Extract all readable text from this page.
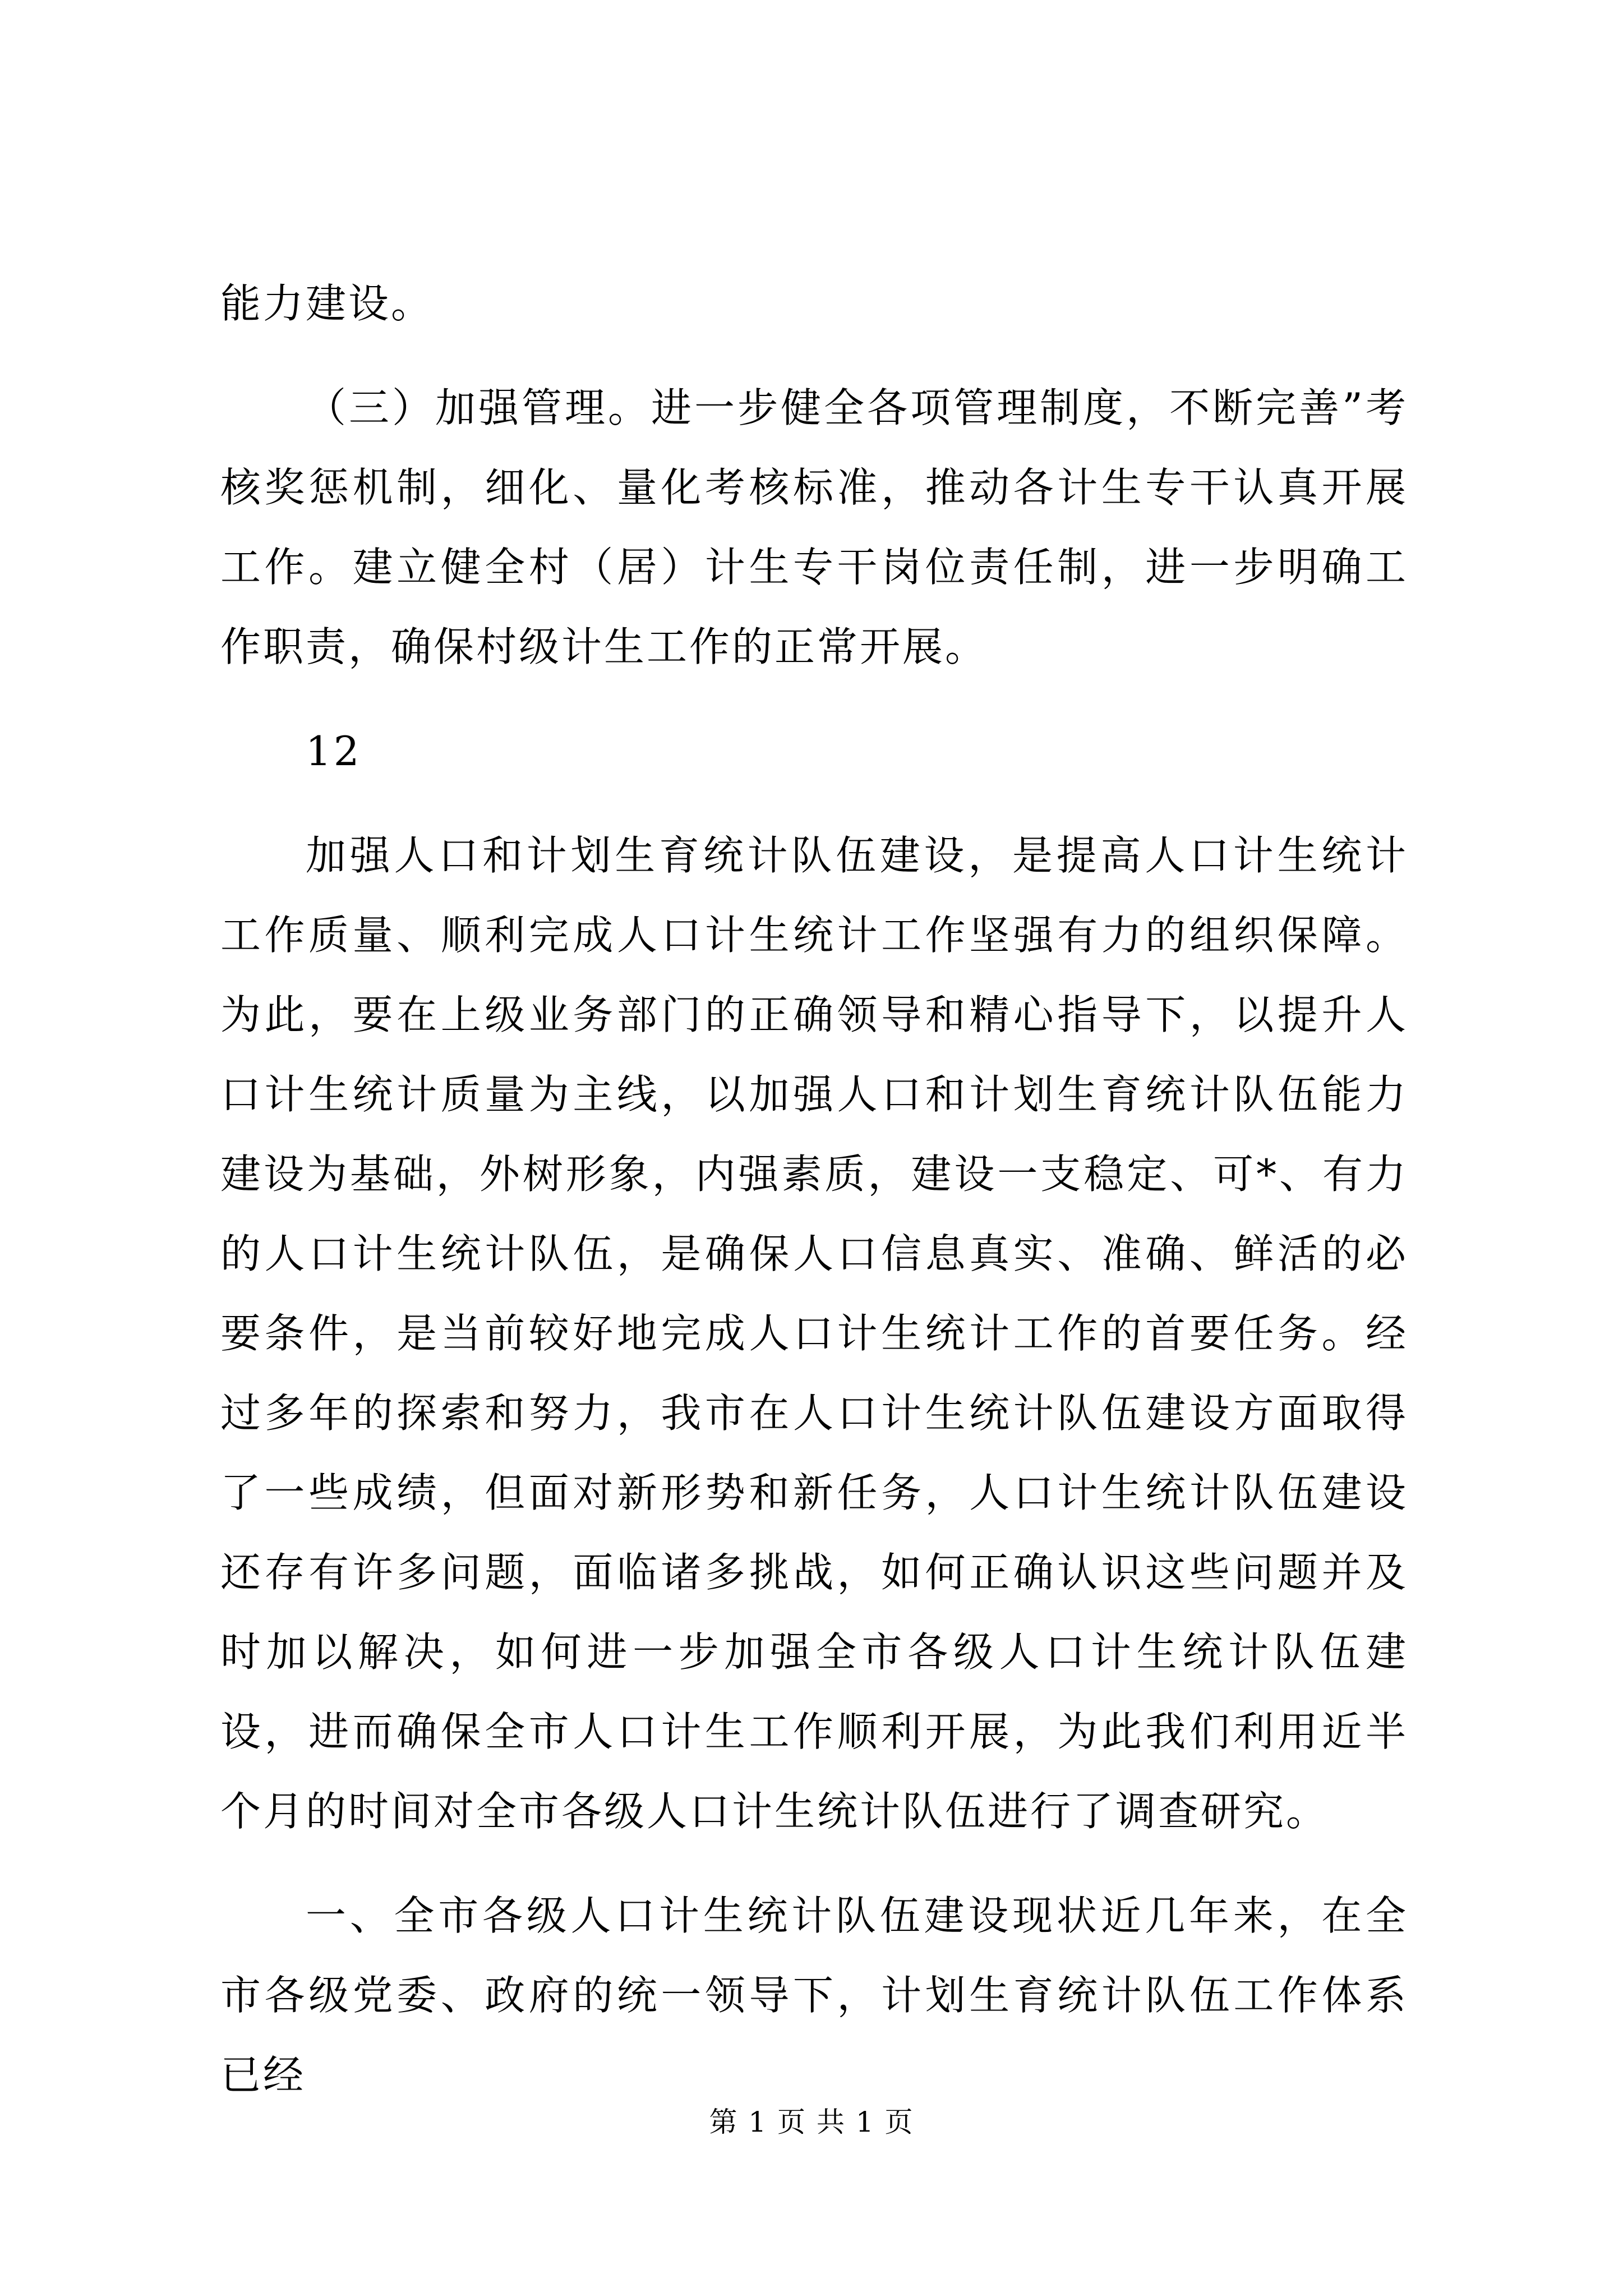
能力建设。

（三）加强管理。进一步健全各项管理制度，不断完善”考核奖惩机制，细化、量化考核标准，推动各计生专干认真开展工作。建立健全村（居）计生专干岗位责任制，进一步明确工作职责，确保村级计生工作的正常开展。

12

加强人口和计划生育统计队伍建设，是提高人口计生统计工作质量、顺利完成人口计生统计工作坚强有力的组织保障。为此，要在上级业务部门的正确领导和精心指导下，以提升人口计生统计质量为主线，以加强人口和计划生育统计队伍能力建设为基础，外树形象，内强素质，建设一支稳定、可*、有力的人口计生统计队伍，是确保人口信息真实、准确、鲜活的必要条件，是当前较好地完成人口计生统计工作的首要任务。经过多年的探索和努力，我市在人口计生统计队伍建设方面取得了一些成绩，但面对新形势和新任务，人口计生统计队伍建设还存有许多问题，面临诸多挑战，如何正确认识这些问题并及时加以解决，如何进一步加强全市各级人口计生统计队伍建设，进而确保全市人口计生工作顺利开展，为此我们利用近半个月的时间对全市各级人口计生统计队伍进行了调查研究。

一、全市各级人口计生统计队伍建设现状近几年来，在全市各级党委、政府的统一领导下，计划生育统计队伍工作体系已经

第 1 页 共 1 页
